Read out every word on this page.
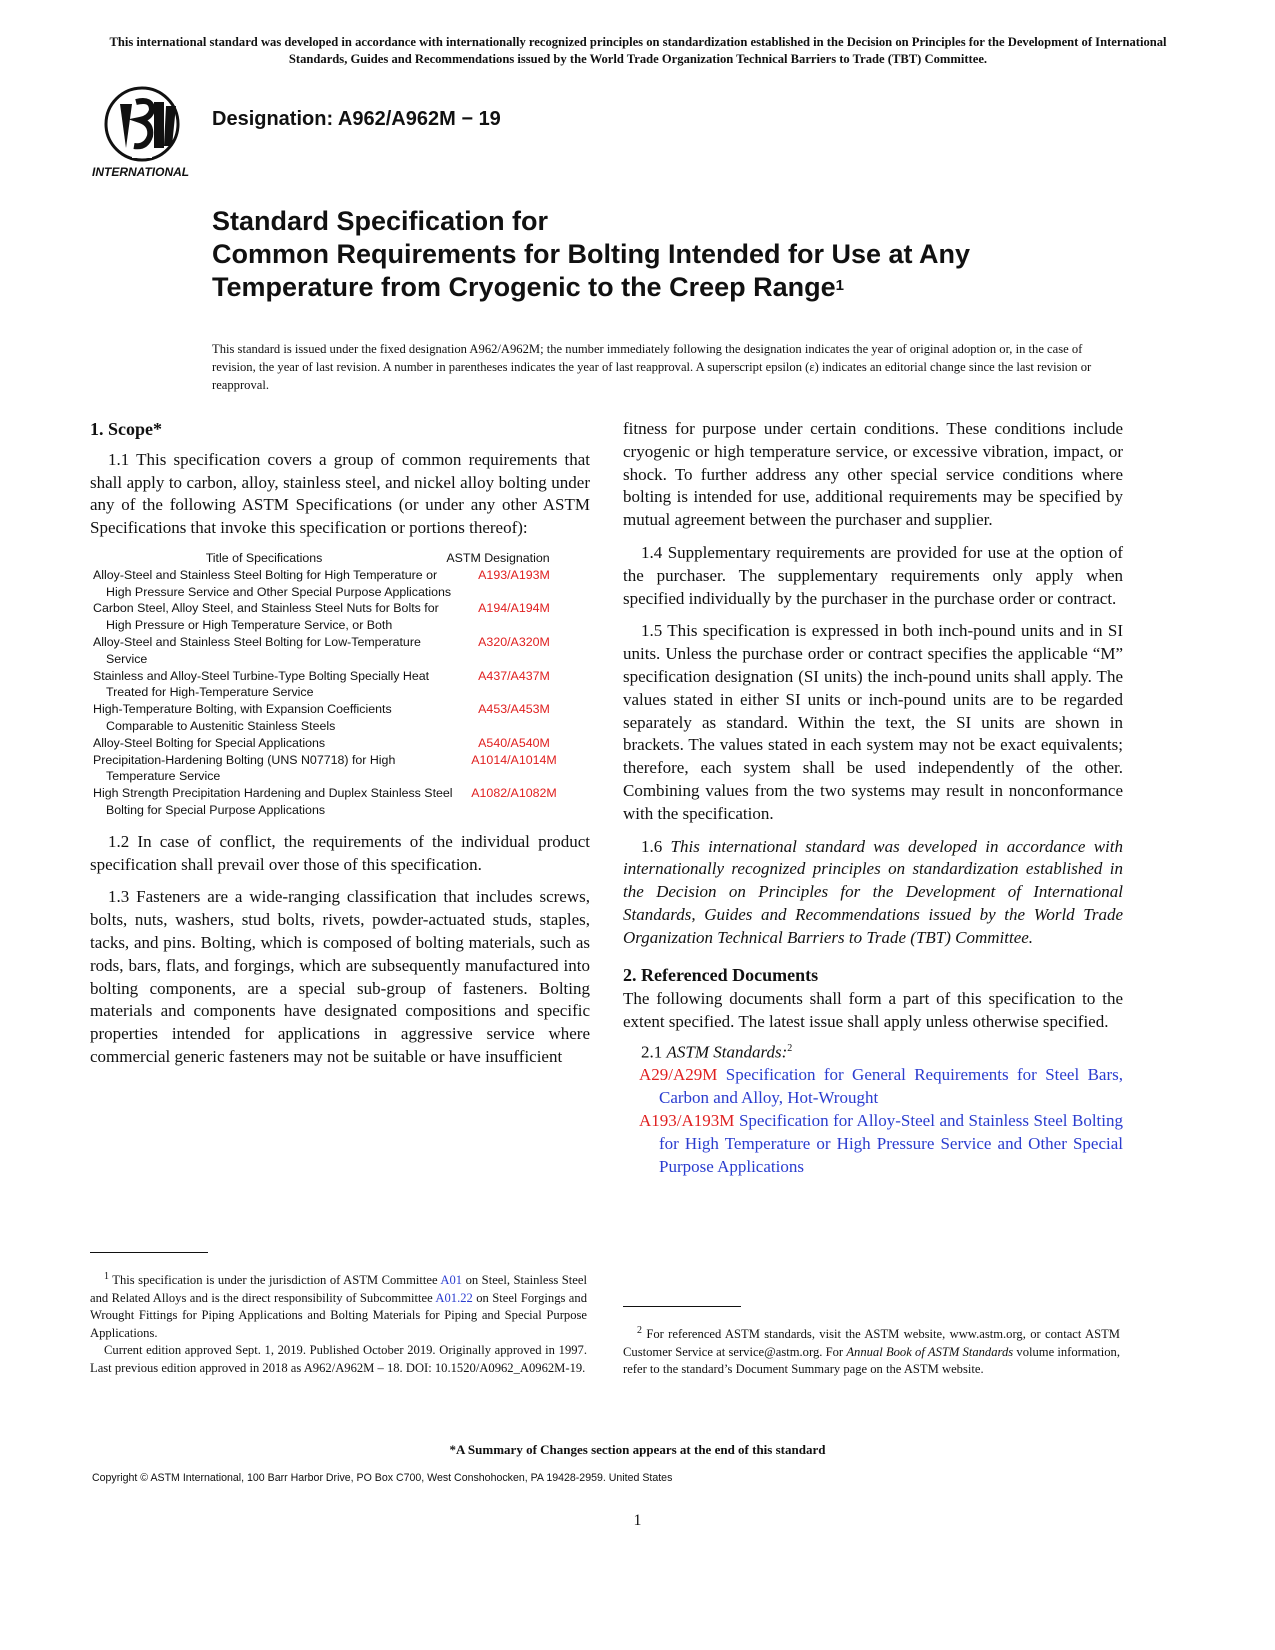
This international standard was developed in accordance with internationally recognized principles on standardization established in the Decision on Principles for the Development of International Standards, Guides and Recommendations issued by the World Trade Organization Technical Barriers to Trade (TBT) Committee.
INTERNATIONAL
Designation: A962/A962M − 19
Standard Specification for
Common Requirements for Bolting Intended for Use at Any
Temperature from Cryogenic to the Creep Range$^1$
This standard is issued under the fixed designation A962/A962M; the number immediately following the designation indicates the year of original adoption or, in the case of revision, the year of last revision. A number in parentheses indicates the year of last reapproval. A superscript epsilon (ε) indicates an editorial change since the last revision or reapproval.
1. Scope*

1.1 This specification covers a group of common requirements that shall apply to carbon, alloy, stainless steel, and nickel alloy bolting under any of the following ASTM Specifications (or under any other ASTM Specifications that invoke this specification or portions thereof):

Title of Specifications	ASTM Designation
Alloy-Steel and Stainless Steel Bolting for High Temperature or High Pressure Service and Other Special Purpose Applications
A193/A193M
Carbon Steel, Alloy Steel, and Stainless Steel Nuts for Bolts for High Pressure or High Temperature Service, or Both
A194/A194M
Alloy-Steel and Stainless Steel Bolting for Low-Temperature Service
A320/A320M
Stainless and Alloy-Steel Turbine-Type Bolting Specially Heat Treated for High-Temperature Service
A437/A437M
High-Temperature Bolting, with Expansion Coefficients Comparable to Austenitic Stainless Steels
A453/A453M
Alloy-Steel Bolting for Special Applications	A540/A540M
Precipitation-Hardening Bolting (UNS N07718) for High Temperature Service
A1014/A1014M
High Strength Precipitation Hardening and Duplex Stainless Steel Bolting for Special Purpose Applications
A1082/A1082M

1.2 In case of conflict, the requirements of the individual product specification shall prevail over those of this specification.

1.3 Fasteners are a wide-ranging classification that includes screws, bolts, nuts, washers, stud bolts, rivets, powder-actuated studs, staples, tacks, and pins. Bolting, which is composed of bolting materials, such as rods, bars, flats, and forgings, which are subsequently manufactured into bolting components, are a special sub-group of fasteners. Bolting materials and components have designated compositions and specific properties intended for applications in aggressive service where commercial generic fasteners may not be suitable or have insufficient

$^1$ This specification is under the jurisdiction of ASTM Committee A01 on Steel, Stainless Steel and Related Alloys and is the direct responsibility of Subcommittee A01.22 on Steel Forgings and Wrought Fittings for Piping Applications and Bolting Materials for Piping and Special Purpose Applications.

Current edition approved Sept. 1, 2019. Published October 2019. Originally approved in 1997. Last previous edition approved in 2018 as A962/A962M – 18. DOI: 10.1520/A0962_A0962M-19.

fitness for purpose under certain conditions. These conditions include cryogenic or high temperature service, or excessive vibration, impact, or shock. To further address any other special service conditions where bolting is intended for use, additional requirements may be specified by mutual agreement between the purchaser and supplier.

1.4 Supplementary requirements are provided for use at the option of the purchaser. The supplementary requirements only apply when specified individually by the purchaser in the purchase order or contract.

1.5 This specification is expressed in both inch-pound units and in SI units. Unless the purchase order or contract specifies the applicable “M” specification designation (SI units) the inch-pound units shall apply. The values stated in either SI units or inch-pound units are to be regarded separately as standard. Within the text, the SI units are shown in brackets. The values stated in each system may not be exact equivalents; therefore, each system shall be used independently of the other. Combining values from the two systems may result in nonconformance with the specification.

1.6 This international standard was developed in accordance with internationally recognized principles on standardization established in the Decision on Principles for the Development of International Standards, Guides and Recommendations issued by the World Trade Organization Technical Barriers to Trade (TBT) Committee.

2. Referenced Documents

The following documents shall form a part of this specification to the extent specified. The latest issue shall apply unless otherwise specified.

2.1 ASTM Standards:$^2$

A29/A29M Specification for General Requirements for Steel Bars, Carbon and Alloy, Hot-Wrought

A193/A193M Specification for Alloy-Steel and Stainless Steel Bolting for High Temperature or High Pressure Service and Other Special Purpose Applications

$^2$ For referenced ASTM standards, visit the ASTM website, www.astm.org, or contact ASTM Customer Service at service@astm.org. For Annual Book of ASTM Standards volume information, refer to the standard’s Document Summary page on the ASTM website.

*A Summary of Changes section appears at the end of this standard
Copyright © ASTM International, 100 Barr Harbor Drive, PO Box C700, West Conshohocken, PA 19428-2959. United States
1
